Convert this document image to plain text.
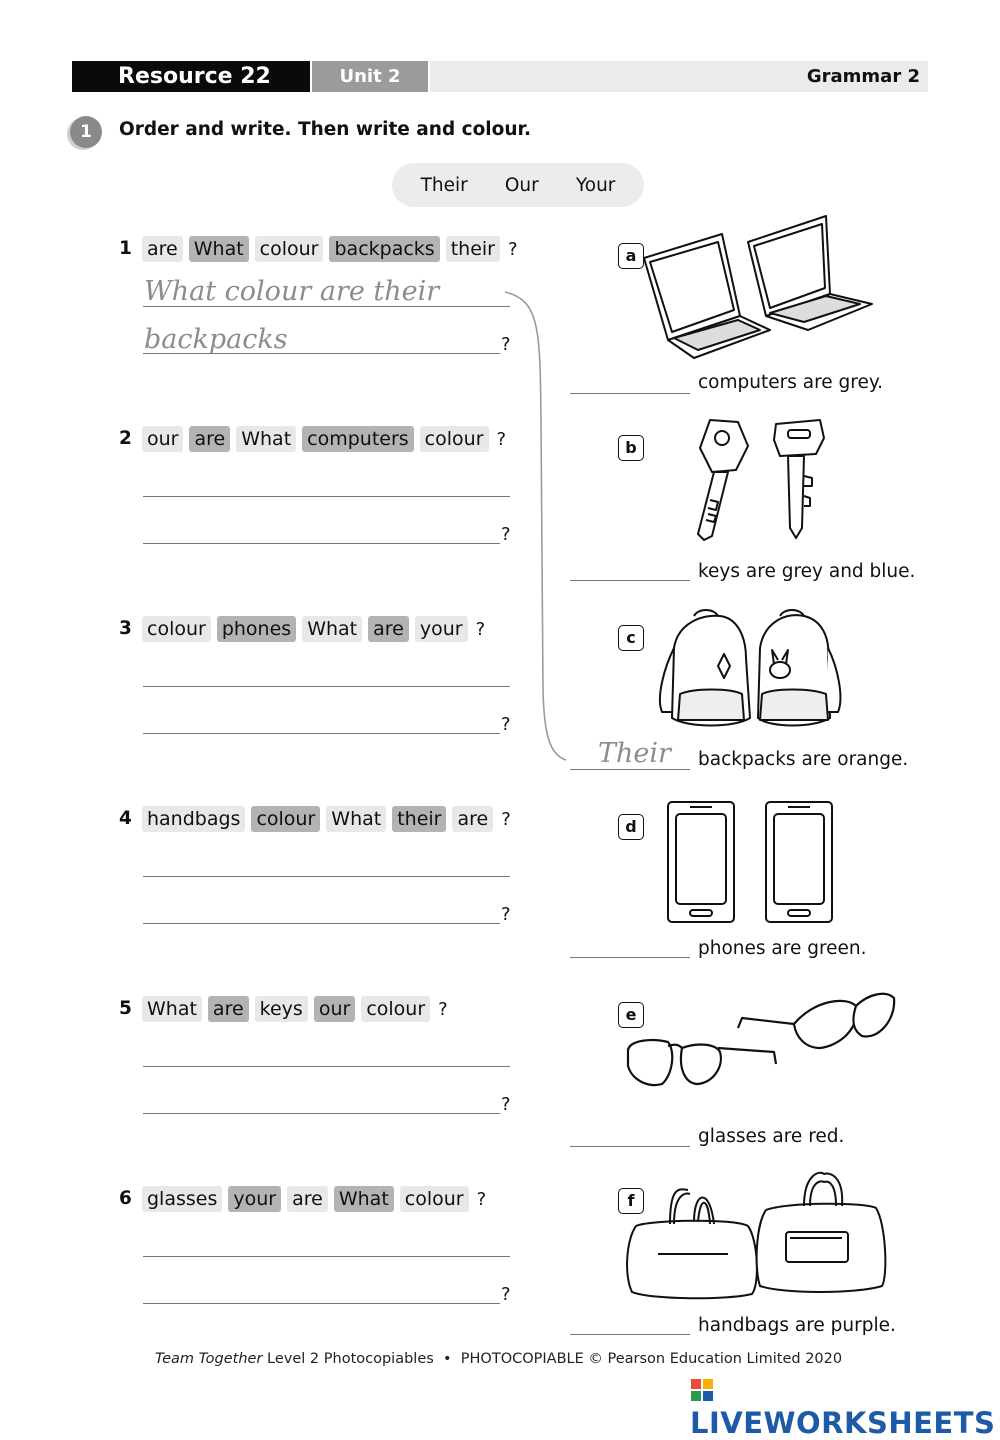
Resource 22	Unit 2	Grammar 2
1	Order and write. Then write and colour.
Their Our Your
1 are What colour backpacks their ?
What colour are their
backpacks	?
2 our are What computers colour ?
?
3 colour phones What are your ?
?
4 handbags colour What their are ?
?
5 What are keys our colour ?
?
6 glasses your are What colour ?
?
a
computers are grey.
b
keys are grey and blue.
c
Their backpacks are orange.
d
phones are green.
e
glasses are red.
f
handbags are purple.
Team Together Level 2 Photocopiables  •  PHOTOCOPIABLE © Pearson Education Limited 2020
LIVEWORKSHEETS
